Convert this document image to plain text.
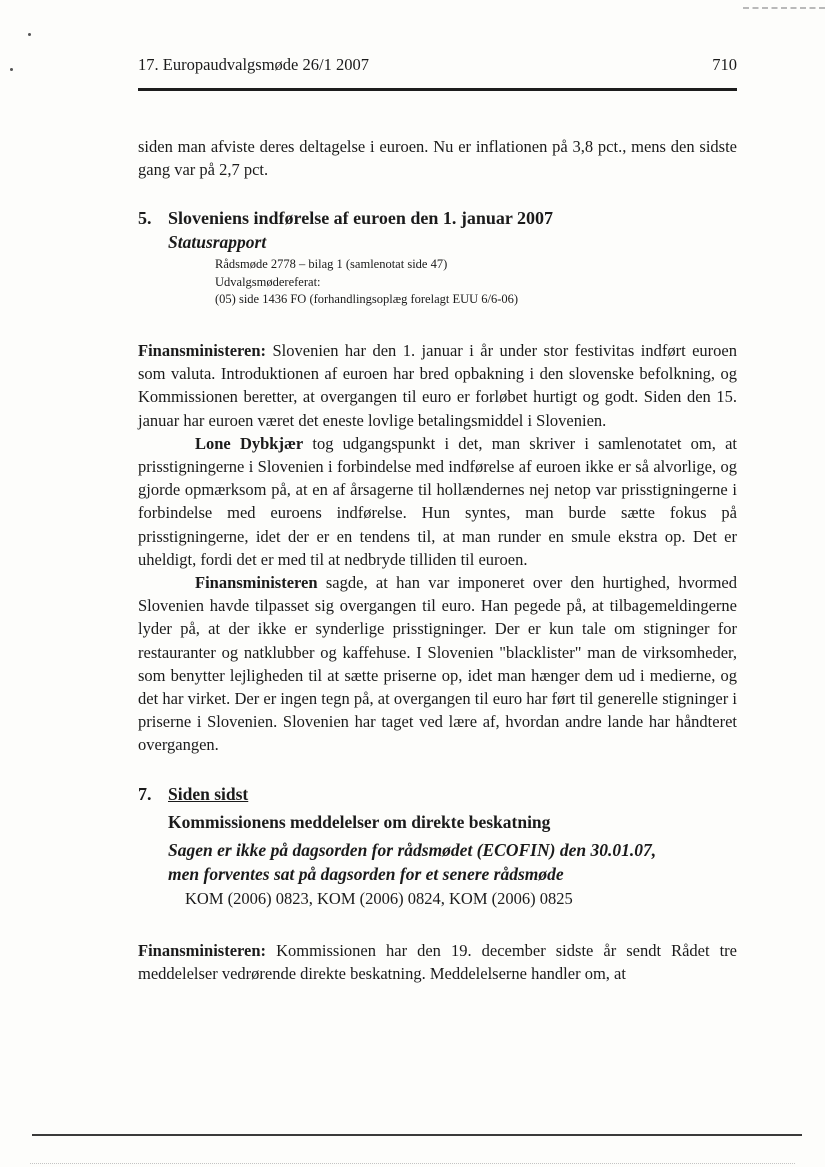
17. Europaudvalgsmøde 26/1 2007	710

siden man afviste deres deltagelse i euroen. Nu er inflationen på 3,8 pct., mens den sidste gang var på 2,7 pct.

5. Sloveniens indførelse af euroen den 1. januar 2007
Statusrapport
Rådsmøde 2778 – bilag 1 (samlenotat side 47)
Udvalgsmødereferat:
(05) side 1436 FO (forhandlingsoplæg forelagt EUU 6/6-06)

Finansministeren: Slovenien har den 1. januar i år under stor festivitas indført euroen som valuta. Introduktionen af euroen har bred opbakning i den slovenske befolkning, og Kommissionen beretter, at overgangen til euro er forløbet hurtigt og godt. Siden den 15. januar har euroen været det eneste lovlige betalingsmiddel i Slovenien.

Lone Dybkjær tog udgangspunkt i det, man skriver i samlenotatet om, at prisstigningerne i Slovenien i forbindelse med indførelse af euroen ikke er så alvorlige, og gjorde opmærksom på, at en af årsagerne til hollændernes nej netop var prisstigningerne i forbindelse med euroens indførelse. Hun syntes, man burde sætte fokus på prisstigningerne, idet der er en tendens til, at man runder en smule ekstra op. Det er uheldigt, fordi det er med til at nedbryde tilliden til euroen.

Finansministeren sagde, at han var imponeret over den hurtighed, hvormed Slovenien havde tilpasset sig overgangen til euro. Han pegede på, at tilbagemeldingerne lyder på, at der ikke er synderlige prisstigninger. Der er kun tale om stigninger for restauranter og natklubber og kaffehuse. I Slovenien "blacklister" man de virksomheder, som benytter lejligheden til at sætte priserne op, idet man hænger dem ud i medierne, og det har virket. Der er ingen tegn på, at overgangen til euro har ført til generelle stigninger i priserne i Slovenien. Slovenien har taget ved lære af, hvordan andre lande har håndteret overgangen.

7. Siden sidst
Kommissionens meddelelser om direkte beskatning
Sagen er ikke på dagsorden for rådsmødet (ECOFIN) den 30.01.07, men forventes sat på dagsorden for et senere rådsmøde
KOM (2006) 0823, KOM (2006) 0824, KOM (2006) 0825

Finansministeren: Kommissionen har den 19. december sidste år sendt Rådet tre meddelelser vedrørende direkte beskatning. Meddelelserne handler om, at
